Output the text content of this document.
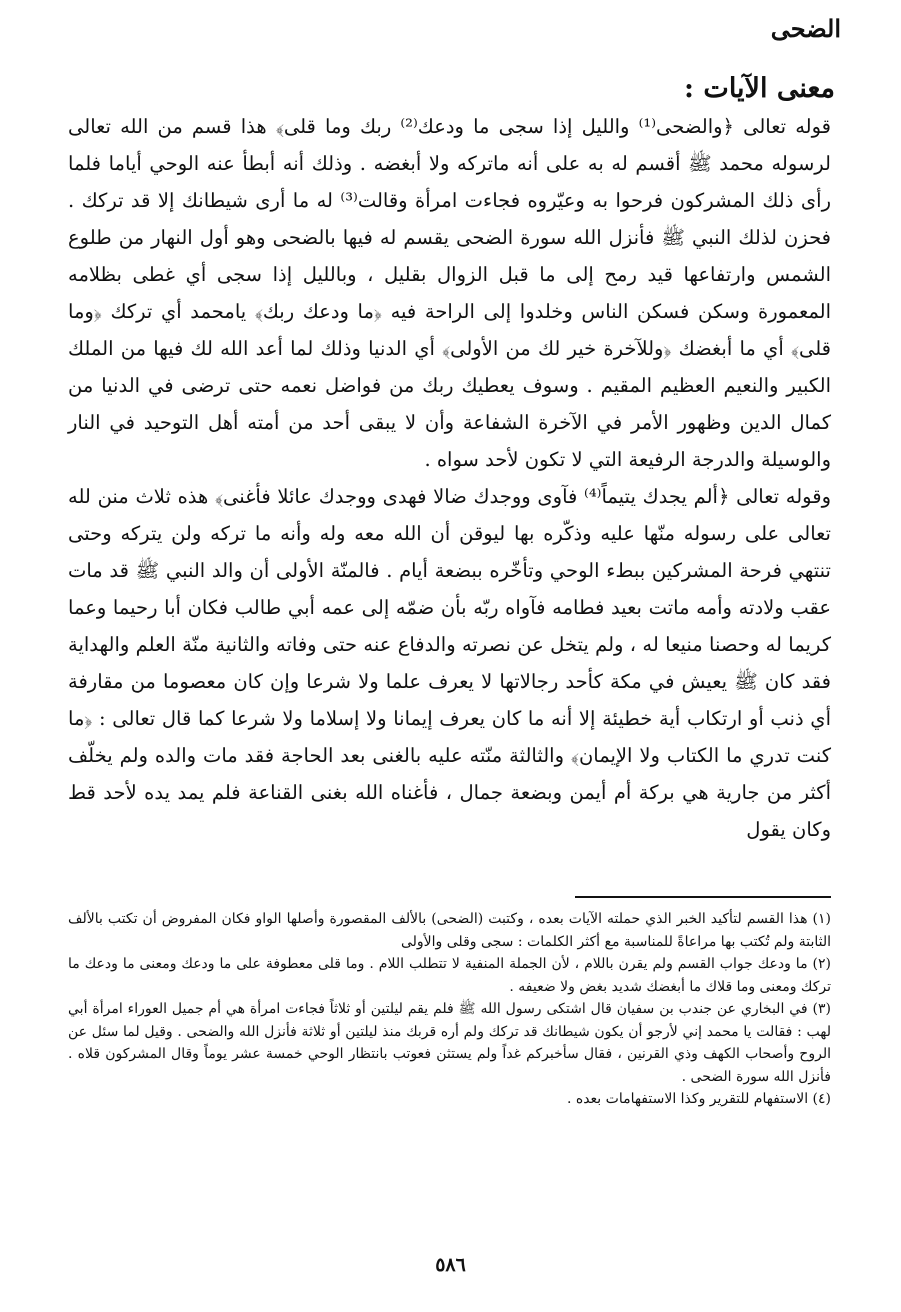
الضحى
معنى الآيات :

قوله تعالى ﴿والضحى⁽¹⁾ والليل إذا سجى ما ودعك⁽²⁾ ربك وما قلى﴾ هذا قسم من الله تعالى لرسوله محمد ﷺ أقسم له به على أنه ماتركه ولا أبغضه . وذلك أنه أبطأ عنه الوحي أياما فلما رأى ذلك المشركون فرحوا به وعيّروه فجاءت امرأة وقالت⁽³⁾ له ما أرى شيطانك إلا قد تركك . فحزن لذلك النبي ﷺ فأنزل الله سورة الضحى يقسم له فيها بالضحى وهو أول النهار من طلوع الشمس وارتفاعها قيد رمح إلى ما قبل الزوال بقليل ، وبالليل إذا سجى أي غطى بظلامه المعمورة وسكن فسكن الناس وخلدوا إلى الراحة فيه ﴿ما ودعك ربك﴾ يامحمد أي تركك ﴿وما قلى﴾ أي ما أبغضك ﴿وللآخرة خير لك من الأولى﴾ أي الدنيا وذلك لما أعد الله لك فيها من الملك الكبير والنعيم العظيم المقيم . وسوف يعطيك ربك من فواضل نعمه حتى ترضى في الدنيا من كمال الدين وظهور الأمر في الآخرة الشفاعة وأن لا يبقى أحد من أمته أهل التوحيد في النار والوسيلة والدرجة الرفيعة التي لا تكون لأحد سواه .

وقوله تعالى ﴿ألم يجدك يتيماً⁽⁴⁾ فآوى ووجدك ضالا فهدى ووجدك عائلا فأغنى﴾ هذه ثلاث منن لله تعالى على رسوله منّها عليه وذكّره بها ليوقن أن الله معه وله وأنه ما تركه ولن يتركه وحتى تنتهي فرحة المشركين ببطء الوحي وتأخّره ببضعة أيام . فالمنّة الأولى أن والد النبي ﷺ قد مات عقب ولادته وأمه ماتت بعيد فطامه فآواه ربّه بأن ضمّه إلى عمه أبي طالب فكان أبا رحيما وعما كريما له وحصنا منيعا له ، ولم يتخل عن نصرته والدفاع عنه حتى وفاته والثانية منّة العلم والهداية فقد كان ﷺ يعيش في مكة كأحد رجالاتها لا يعرف علما ولا شرعا وإن كان معصوما من مقارفة أي ذنب أو ارتكاب أية خطيئة إلا أنه ما كان يعرف إيمانا ولا إسلاما ولا شرعا كما قال تعالى : ﴿ما كنت تدري ما الكتاب ولا الإيمان﴾ والثالثة منّته عليه بالغنى بعد الحاجة فقد مات والده ولم يخلّف أكثر من جارية هي بركة أم أيمن وبضعة جمال ، فأغناه الله بغنى القناعة فلم يمد يده لأحد قط وكان يقول

(١) هذا القسم لتأكيد الخبر الذي حملته الآيات بعده ، وكتبت (الضحى) بالألف المقصورة وأصلها الواو فكان المفروض أن تكتب بالألف الثابتة ولم تُكتب بها مراعاةً للمناسبة مع أكثر الكلمات : سجى وقلى والأولى

(٢) ما ودعك جواب القسم ولم يقرن باللام ، لأن الجملة المنفية لا تتطلب اللام . وما قلى معطوفة على ما ودعك ومعنى ما ودعك ما تركك ومعنى وما قلاك ما أبغضك شديد بغض ولا ضعيفه .

(٣) في البخاري عن جندب بن سفيان قال اشتكى رسول الله ﷺ فلم يقم ليلتين أو ثلاثاً فجاءت امرأة هي أم جميل العوراء امرأة أبي لهب : فقالت يا محمد إني لأرجو أن يكون شيطانك قد تركك ولم أره قربك منذ ليلتين أو ثلاثة فأنزل الله والضحى . وقيل لما سئل عن الروح وأصحاب الكهف وذي القرنين ، فقال سأخبركم غداً ولم يستثن فعوتب بانتظار الوحي خمسة عشر يوماً وقال المشركون قلاه . فأنزل الله سورة الضحى .

(٤) الاستفهام للتقرير وكذا الاستفهامات بعده .

٥٨٦
